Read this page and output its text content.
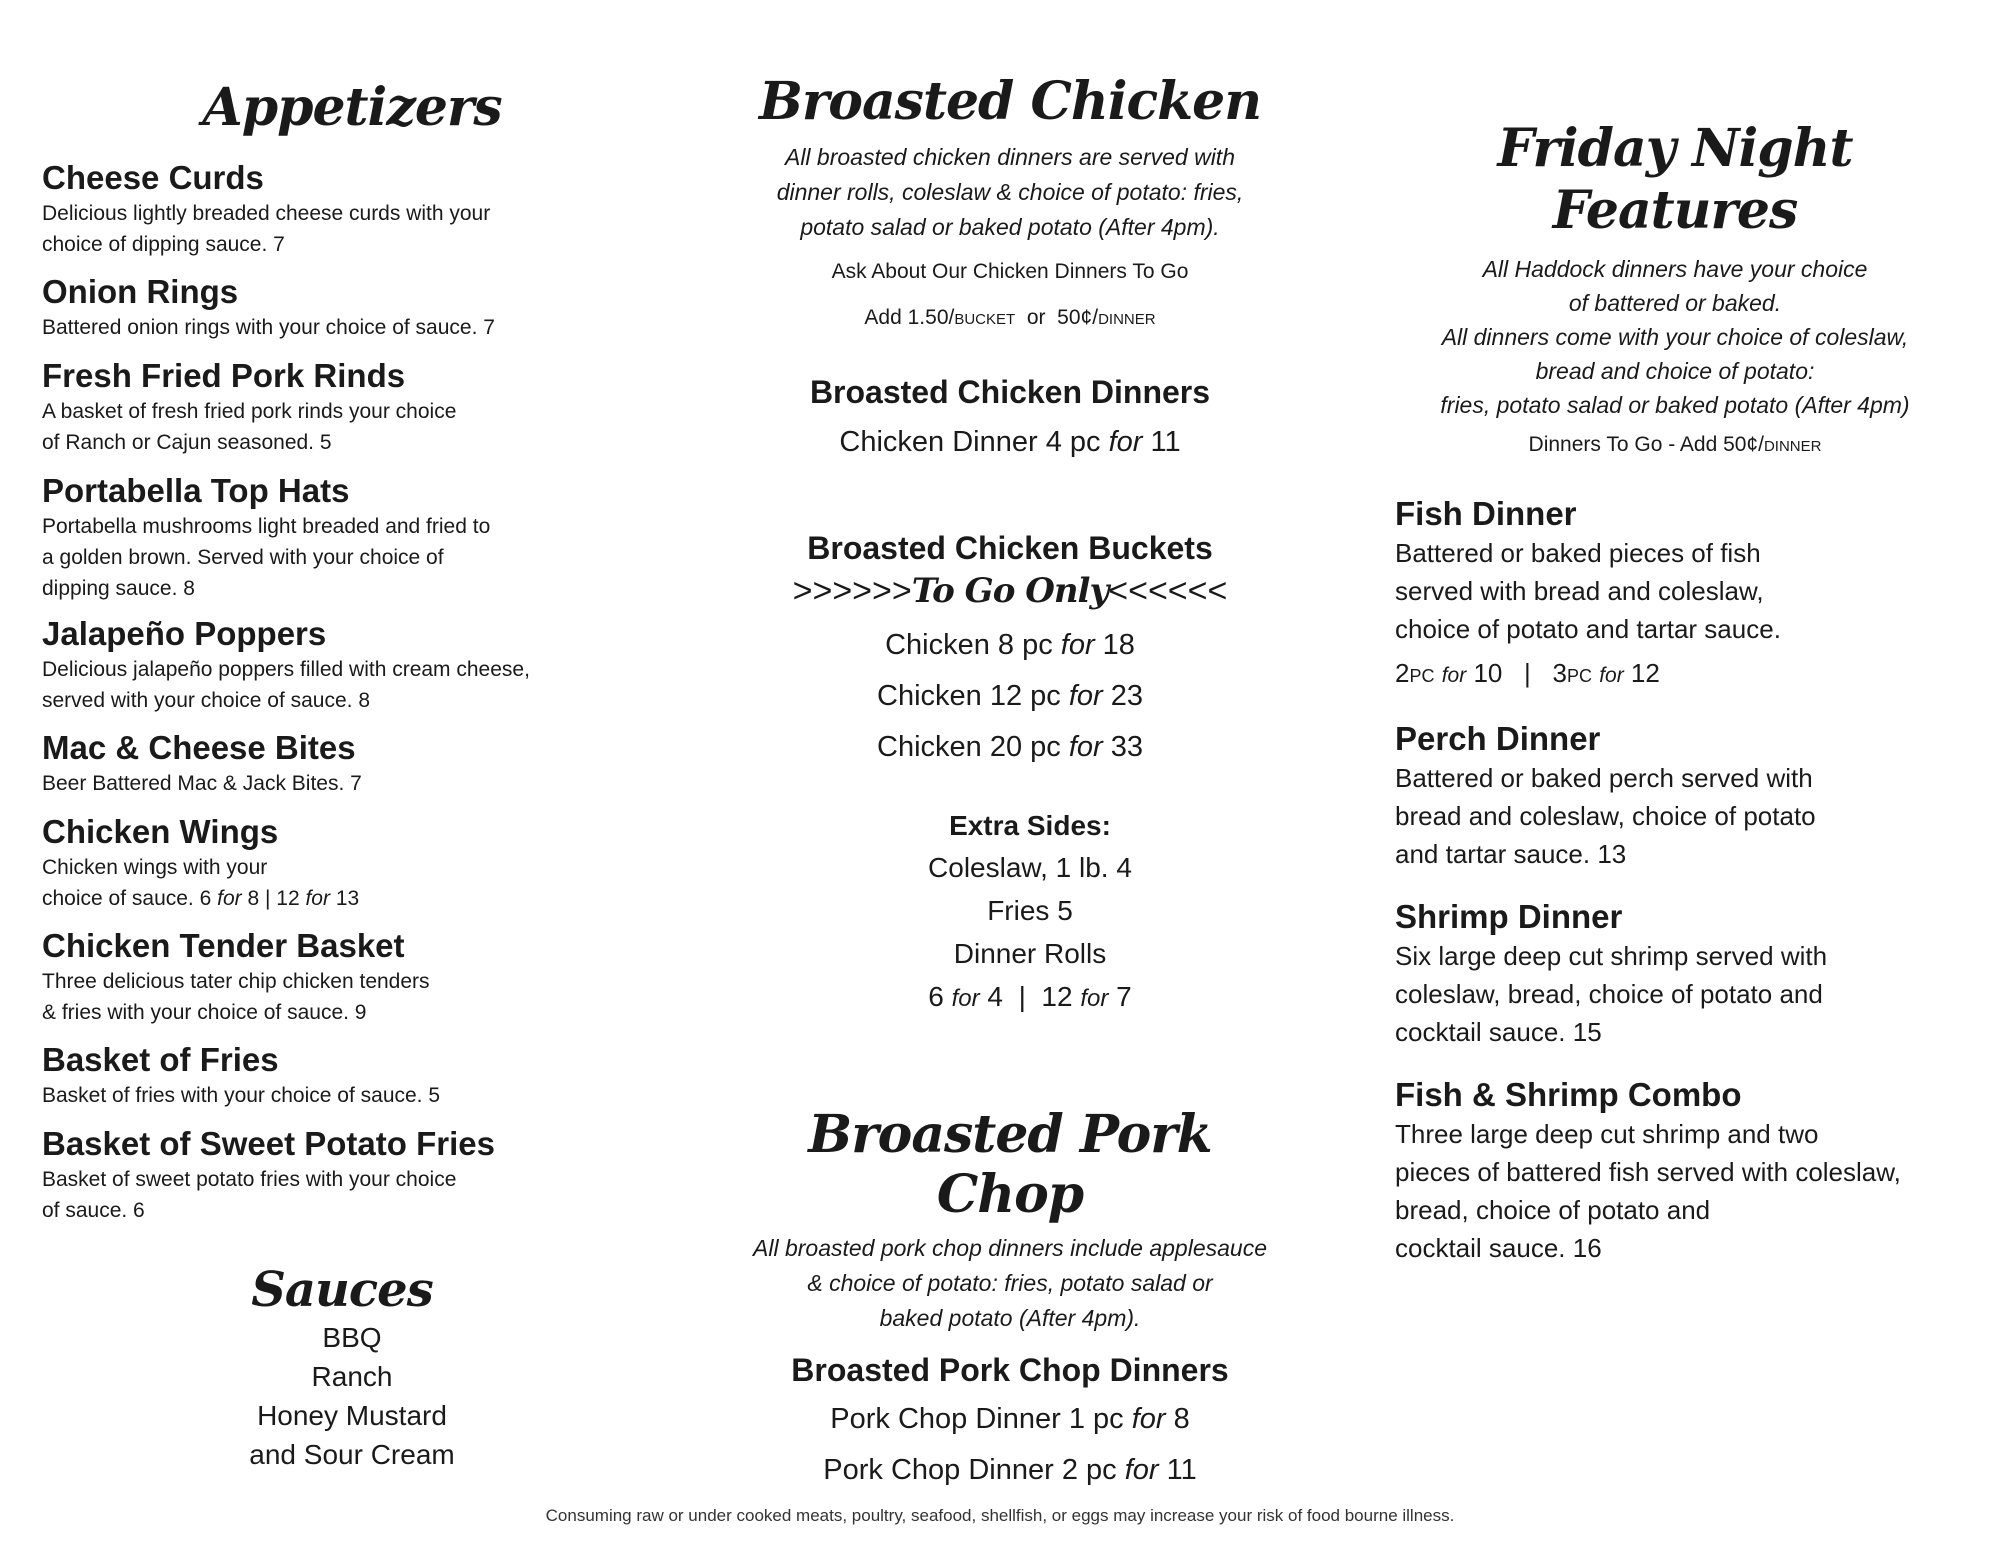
Appetizers

Cheese Curds

Delicious lightly breaded cheese curds with your
choice of dipping sauce. 7

Onion Rings

Battered onion rings with your choice of sauce. 7

Fresh Fried Pork Rinds

A basket of fresh fried pork rinds your choice
of Ranch or Cajun seasoned. 5

Portabella Top Hats

Portabella mushrooms light breaded and fried to
a golden brown. Served with your choice of
dipping sauce. 8

Jalapeño Poppers

Delicious jalapeño poppers filled with cream cheese,
served with your choice of sauce. 8

Mac & Cheese Bites

Beer Battered Mac & Jack Bites. 7

Chicken Wings

Chicken wings with your
choice of sauce. 6 for 8 | 12 for 13

Chicken Tender Basket

Three delicious tater chip chicken tenders
& fries with your choice of sauce. 9

Basket of Fries

Basket of fries with your choice of sauce. 5

Basket of Sweet Potato Fries

Basket of sweet potato fries with your choice
of sauce. 6

Sauces
BBQ
Ranch
Honey Mustard
and Sour Cream
Broasted Chicken
All broasted chicken dinners are served with
dinner rolls, coleslaw & choice of potato: fries,
potato salad or baked potato (After 4pm).
Ask About Our Chicken Dinners To Go
Add 1.50/bucket  or  50¢/dinner
Broasted Chicken Dinners
Chicken Dinner 4 pc for 11
Broasted Chicken Buckets
>>>>>>To Go Only<<<<<<
Chicken 8 pc for 18
Chicken 12 pc for 23
Chicken 20 pc for 33
Extra Sides:
Coleslaw, 1 lb. 4
Fries 5
Dinner Rolls
6 for 4  |  12 for 7
Broasted Pork Chop
All broasted pork chop dinners include applesauce
& choice of potato: fries, potato salad or
baked potato (After 4pm).
Broasted Pork Chop Dinners
Pork Chop Dinner 1 pc for 8
Pork Chop Dinner 2 pc for 11
Friday Night
Features
All Haddock dinners have your choice
of battered or baked.
All dinners come with your choice of coleslaw,
bread and choice of potato:
fries, potato salad or baked potato (After 4pm)
Dinners To Go - Add 50¢/dinner

Fish Dinner

Battered or baked pieces of fish
served with bread and coleslaw,
choice of potato and tartar sauce.

2pc for 10   |   3pc for 12

Perch Dinner

Battered or baked perch served with
bread and coleslaw, choice of potato
and tartar sauce. 13

Shrimp Dinner

Six large deep cut shrimp served with
coleslaw, bread, choice of potato and
cocktail sauce. 15

Fish & Shrimp Combo

Three large deep cut shrimp and two
pieces of battered fish served with coleslaw,
bread, choice of potato and
cocktail sauce. 16

Consuming raw or under cooked meats, poultry, seafood, shellfish, or eggs may increase your risk of food bourne illness.
